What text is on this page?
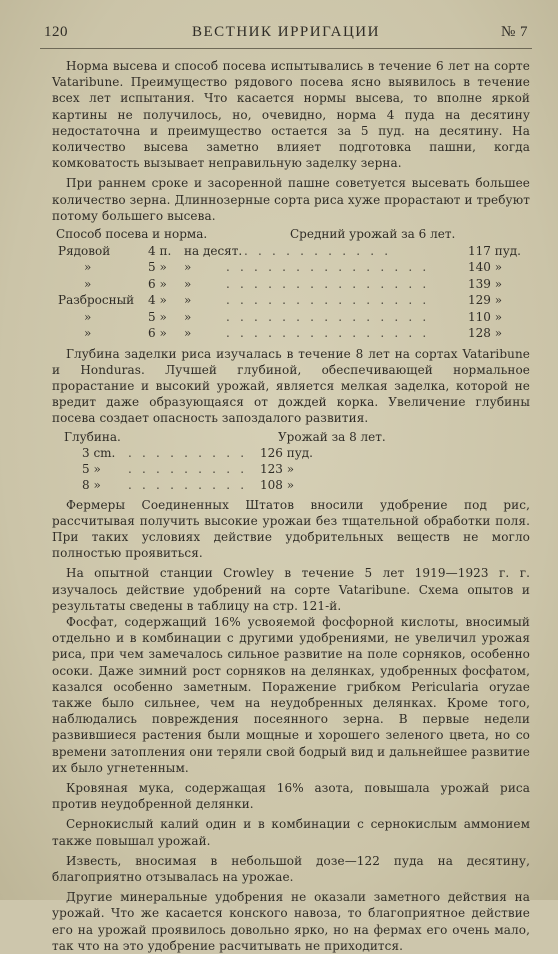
120	ВЕСТНИК ИРРИГАЦИИ	№ 7

Норма высева и способ посева испытывались в течение 6 лет на сорте Vatarіbune. Преимущество рядового посева ясно выявилось в течение всех лет испытания. Что касается нормы высева, то вполне яркой картины не получилось, но, очевидно, норма 4 пуда на десятину недостаточна и преимущество остается за 5 пуд. на десятину. На количество высева заметно влияет подготовка пашни, когда комковатость вызывает неправильную заделку зерна.

При раннем сроке и засоренной пашне советуется высевать большее количество зерна. Длиннозерные сорта риса хуже прорастают и требуют потому большего высева.

Способ посева и норма.	Средний урожай за 6 лет.
Рядовой	4 п.	на десят. . . . . . . . . . . .	117 пуд.
»	5 »	»	. . . . . . . . . . . . . . .	140 »
»	6 »	»	. . . . . . . . . . . . . . .	139 »
Разбросный	4 »	»	. . . . . . . . . . . . . . .	129 »
»	5 »	»	. . . . . . . . . . . . . . .	110 »
»	6 »	»	. . . . . . . . . . . . . . .	128 »

Глубина заделки риса изучалась в течение 8 лет на сортах Vatarіbune и Honduras. Лучшей глубиной, обеспечивающей нормальное прорастание и высокий урожай, является мелкая заделка, которой не вредит даже образующаяся от дождей корка. Увеличение глубины посева создает опасность запоздалого развития.

Глубина.	Урожай за 8 лет.
3 cm.	. . . . . . . . .	126 пуд.
5 »	. . . . . . . . .	123 »
8 »	. . . . . . . . .	108 »

Фермеры Соединенных Штатов вносили удобрение под рис, рассчитывая получить высокие урожаи без тщательной обработки поля. При таких условиях действие удобрительных веществ не могло полностью проявиться.

На опытной станции Crowley в течение 5 лет 1919—1923 г. г. изучалось действие удобрений на сорте Vatarіbune. Схема опытов и результаты сведены в таблицу на стр. 121-й.

Фосфат, содержащий 16% усвояемой фосфорной кислоты, вносимый отдельно и в комбинации с другими удобрениями, не увеличил урожая риса, при чем замечалось сильное развитие на поле сорняков, особенно осоки. Даже зимний рост сорняков на делянках, удобренных фосфатом, казался особенно заметным. Поражение грибком Periculаria оryzae также было сильнее, чем на неудобренных делянках. Кроме того, наблюдались повреждения посеянного зерна. В первые недели развившиеся растения были мощные и хорошего зеленого цвета, но со времени затопления они теряли свой бодрый вид и дальнейшее развитие их было угнетенным.

Кровяная мука, содержащая 16% азота, повышала урожай риса против неудобренной делянки.

Сернокислый калий один и в комбинации с сернокислым аммонием также повышал урожай.

Известь, вносимая в небольшой дозе—122 пуда на десятину, благоприятно отзывалась на урожае.

Другие минеральные удобрения не оказали заметного действия на урожай. Что же касается конского навоза, то благоприятное действие его на урожай проявилось довольно ярко, но на фермах его очень мало, так что на это удобрение расчитывать не приходится.
